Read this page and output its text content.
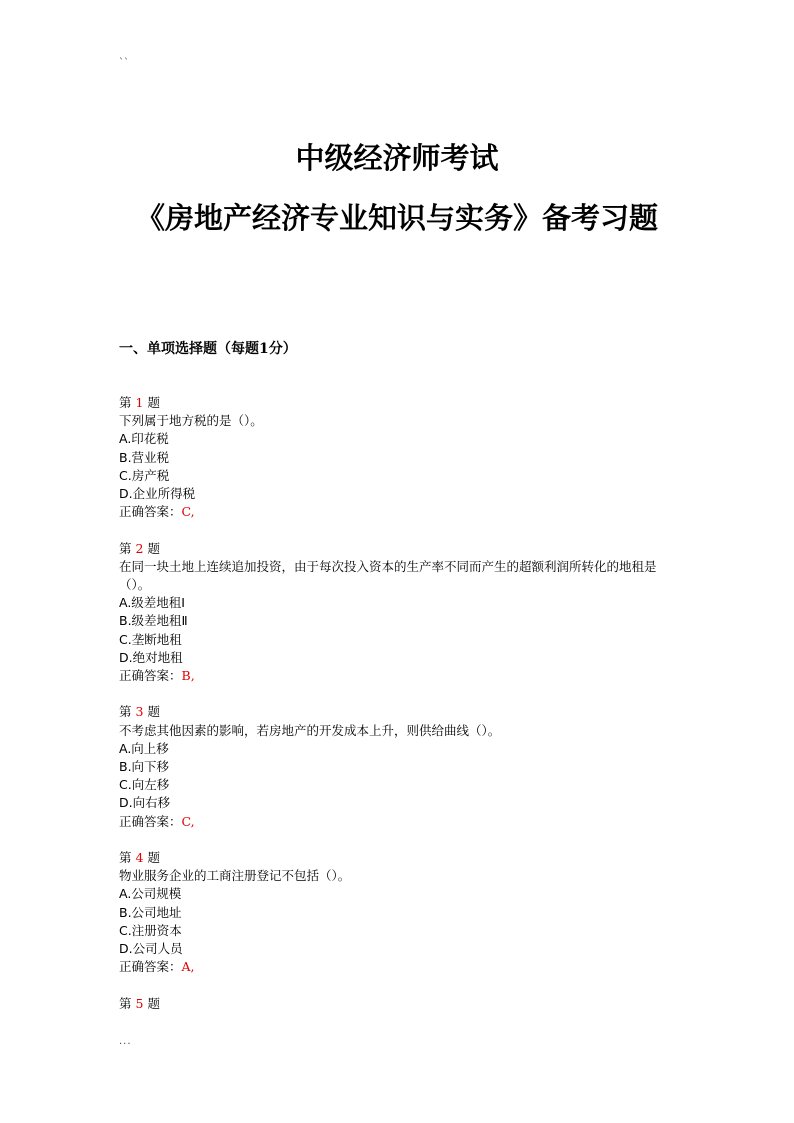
``
中级经济师考试
《房地产经济专业知识与实务》备考习题
一、单项选择题（每题1分）
第 1 题
下列属于地方税的是（）。
A.印花税
B.营业税
C.房产税
D.企业所得税
正确答案：C,
第 2 题
在同一块土地上连续追加投资，由于每次投入资本的生产率不同而产生的超额利润所转化的地租是（）。
A.级差地租Ⅰ
B.级差地租Ⅱ
C.垄断地租
D.绝对地租
正确答案：B,
第 3 题
不考虑其他因素的影响，若房地产的开发成本上升，则供给曲线（）。
A.向上移
B.向下移
C.向左移
D.向右移
正确答案：C,
第 4 题
物业服务企业的工商注册登记不包括（）。
A.公司规模
B.公司地址
C.注册资本
D.公司人员
正确答案：A,
第 5 题
...
